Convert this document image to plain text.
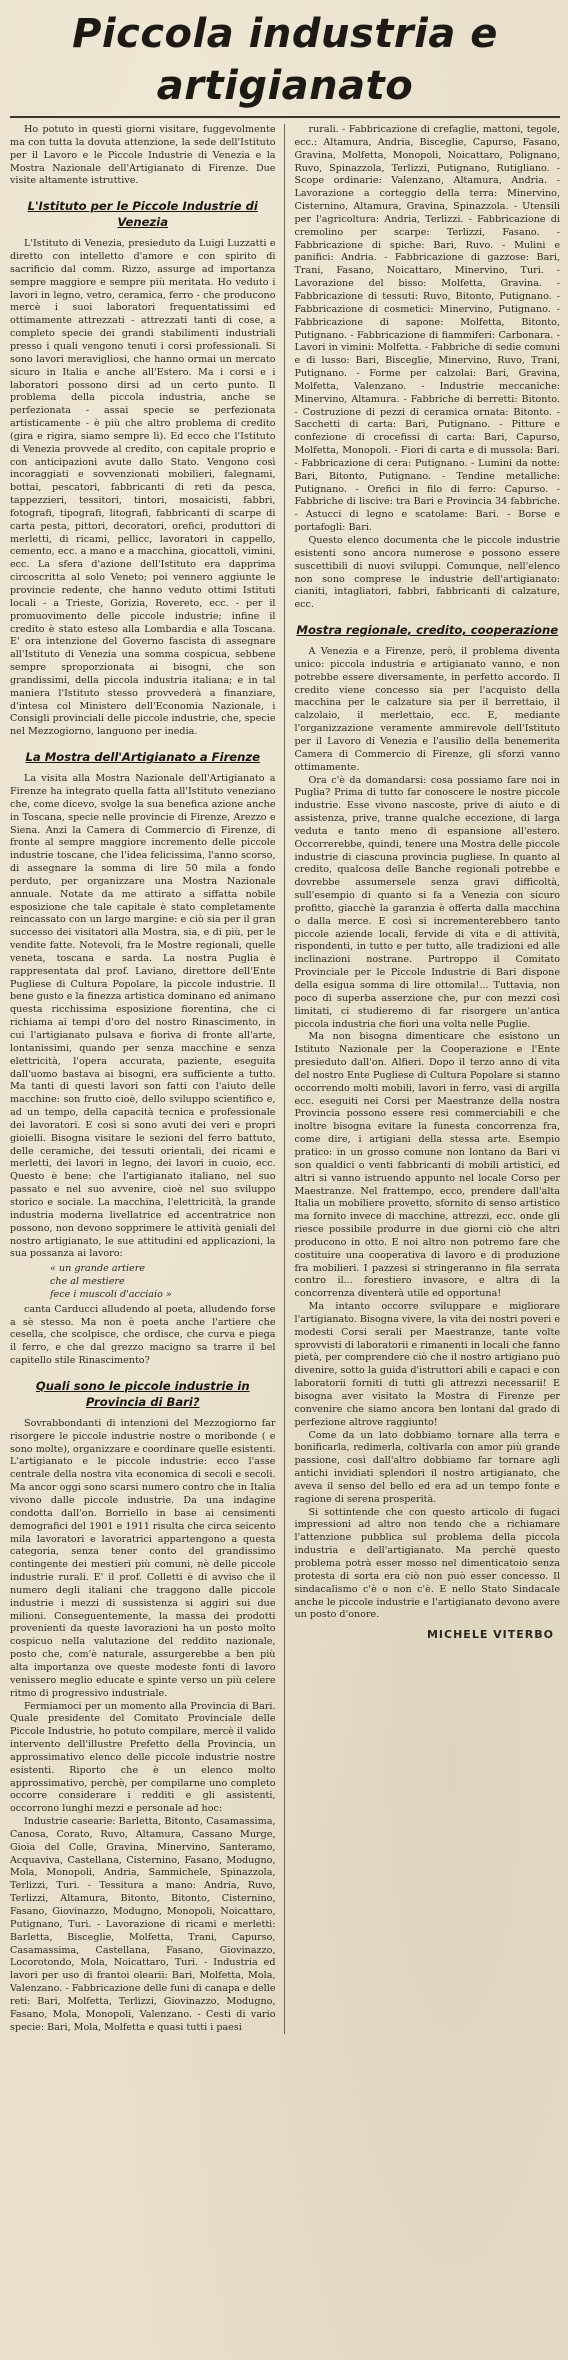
Piccola industria e artigianato

Ho potuto in questi giorni visitare, fuggevolmente ma con tutta la dovuta attenzione, la sede dell'Istituto per il Lavoro e le Piccole Industrie di Venezia e la Mostra Nazionale dell'Artigianato di Firenze. Due visite altamente istruttive.

L'Istituto per le Piccole Industrie di Venezia

L'Istituto di Venezia, presieduto da Luigi Luzzatti e diretto con intelletto d'amore e con spirito di sacrificio dal comm. Rizzo, assurge ad importanza sempre maggiore e sempre più meritata. Ho veduto i lavori in legno, vetro, ceramica, ferro - che producono mercè i suoi laboratori frequentatissimi ed ottimamente attrezzati - attrezzati tanti di cose, a completo specie dei grandi stabilimenti industriali presso i quali vengono tenuti i corsi professionali. Si sono lavori meravigliosi, che hanno ormai un mercato sicuro in Italia e anche all'Estero. Ma i corsi e i laboratori possono dirsi ad un certo punto. Il problema della piccola industria, anche se perfezionata - assai specie se perfezionata artisticamente - è più che altro problema di credito (gira e rigira, siamo sempre lì). Ed ecco che l'Istituto di Venezia provvede al credito, con capitale proprio e con anticipazioni avute dallo Stato. Vengono così incoraggiati e sovvenzionati mobilieri, falegnami, bottai, pescatori, fabbricanti di reti da pesca, tappezzieri, tessitori, tintori, mosaicisti, fabbri, fotografi, tipografi, litografi, fabbricanti di scarpe di carta pesta, pittori, decoratori, orefici, produttori di merletti, di ricami, pellicc, lavoratori in cappello, cemento, ecc. a mano e a macchina, giocattoli, vimini, ecc. La sfera d'azione dell'Istituto era dapprima circoscritta al solo Veneto; poi vennero aggiunte le provincie redente, che hanno veduto ottimi Istituti locali - a Trieste, Gorizia, Rovereto, ecc. - per il promuovimento delle piccole industrie; infine il credito è stato esteso alla Lombardia e alla Toscana. E' ora intenzione del Governo fascista di assegnare all'Istituto di Venezia una somma cospicua, sebbene sempre sproporzionata ai bisogni, che son grandissimi, della piccola industria italiana; e in tal maniera l'Istituto stesso provvederà a finanziare, d'intesa col Ministero dell'Economia Nazionale, i Consigli provinciali delle piccole industrie, che, specie nel Mezzogiorno, languono per inedia.

La Mostra dell'Artigianato a Firenze

La visita alla Mostra Nazionale dell'Artigianato a Firenze ha integrato quella fatta all'Istituto veneziano che, come dicevo, svolge la sua benefica azione anche in Toscana, specie nelle provincie di Firenze, Arezzo e Siena. Anzi la Camera di Commercio di Firenze, di fronte al sempre maggiore incremento delle piccole industrie toscane, che l'idea felicissima, l'anno scorso, di assegnare la somma di lire 50 mila a fondo perduto, per organizzare una Mostra Nazionale annuale. Notate da me attirato a siffatta nobile esposizione che tale capitale è stato completamente reincassato con un largo margine: e ciò sia per il gran successo dei visitatori alla Mostra, sia, e di più, per le vendite fatte. Notevoli, fra le Mostre regionali, quelle veneta, toscana e sarda. La nostra Puglia è rappresentata dal prof. Laviano, direttore dell'Ente Pugliese di Cultura Popolare, la piccole industrie. Il bene gusto e la finezza artistica dominano ed animano questa ricchissima esposizione fiorentina, che ci richiama ai tempi d'oro del nostro Rinascimento, in cui l'artigianato pulsava e fioriva di fronte all'arte, lontanissimi, quando per senza macchine e senza elettricità, l'opera accurata, paziente, eseguita dall'uomo bastava ai bisogni, era sufficiente a tutto. Ma tanti di questi lavori son fatti con l'aiuto delle macchine: son frutto cioè, dello sviluppo scientifico e, ad un tempo, della capacità tecnica e professionale dei lavoratori. E così si sono avuti dei veri e propri gioielli. Bisogna visitare le sezioni del ferro battuto, delle ceramiche, dei tessuti orientali, dei ricami e merletti, dei lavori in legno, dei lavori in cuoio, ecc. Questo è bene: che l'artigianato italiano, nel suo passato e nel suo avvenire, cioè nel suo sviluppo storico e sociale. La macchina, l'elettricità, la grande industria moderna livellatrice ed accentratrice non possono, non devono sopprimere le attività geniali del nostro artigianato, le sue attitudini ed applicazioni, la sua possanza ai lavoro:

« un grande artiere
che al mestiere
fece i muscoli d'acciaio »

canta Carducci alludendo al poeta, alludendo forse a sè stesso. Ma non è poeta anche l'artiere che cesella, che scolpisce, che ordisce, che curva e piega il ferro, e che dal grezzo macigno sa trarre il bel capitello stile Rinascimento?

Quali sono le piccole industrie in Provincia di Bari?

Sovrabbondanti di intenzioni del Mezzogiorno far risorgere le piccole industrie nostre o moribonde ( e sono molte), organizzare e coordinare quelle esistenti. L'artigianato e le piccole industrie: ecco l'asse centrale della nostra vita economica di secoli e secoli. Ma ancor oggi sono scarsi numero contro che in Italia vivono dalle piccole industrie. Da una indagine condotta dall'on. Borriello in base ai censimenti demografici del 1901 e 1911 risulta che circa seicento mila lavoratori e lavoratrici appartengono a questa categoria, senza tener conto del grandissimo contingente dei mestieri più comuni, nè delle piccole industrie rurali. E' il prof. Colletti è di avviso che il numero degli italiani che traggono dalle piccole industrie i mezzi di sussistenza si aggiri sui due milioni. Conseguentemente, la massa dei prodotti provenienti da queste lavorazioni ha un posto molto cospicuo nella valutazione del reddito nazionale, posto che, com'è naturale, assurgerebbe a ben più alta importanza ove queste modeste fonti di lavoro venissero meglio educate e spinte verso un più celere ritmo di progressivo industriale.

Fermiamoci per un momento alla Provincia di Bari. Quale presidente del Comitato Provinciale delle Piccole Industrie, ho potuto compilare, mercè il valido intervento dell'illustre Prefetto della Provincia, un approssimativo elenco delle piccole industrie nostre esistenti. Riporto che è un elenco molto approssimativo, perchè, per compilarne uno completo occorre considerare i redditi e gli assistenti, occorrono lunghi mezzi e personale ad hoc:

Industrie casearie: Barletta, Bitonto, Casamassima, Canosa, Corato, Ruvo, Altamura, Cassano Murge, Gioia del Colle, Gravina, Minervino, Santeramo, Acquaviva, Castellana, Cisternino, Fasano, Modugno, Mola, Monopoli, Andria, Sammichele, Spinazzola, Terlizzi, Turi. - Tessitura a mano: Andria, Ruvo, Terlizzi, Altamura, Bitonto, Bitonto, Cisternino, Fasano, Giovinazzo, Modugno, Monopoli, Noicattaro, Putignano, Turi. - Lavorazione di ricami e merletti: Barletta, Bisceglie, Molfetta, Trani, Capurso, Casamassima, Castellana, Fasano, Giovinazzo, Locorotondo, Mola, Noicattaro, Turi. - Industria ed lavori per uso di frantoi olearii: Bari, Molfetta, Mola, Valenzano. - Fabbricazione delle funi di canapa e delle reti: Bari, Molfetta, Terlizzi, Giovinazzo, Modugno, Fasano, Mola, Monopoli, Valenzano. - Cesti di vario specie: Bari, Mola, Molfetta e quasi tutti i paesi

rurali. - Fabbricazione di crefaglie, mattoni, tegole, ecc.: Altamura, Andria, Bisceglie, Capurso, Fasano, Gravina, Molfetta, Monopoli, Noicattaro, Polignano, Ruvo, Spinazzola, Terlizzi, Putignano, Rutigliano. - Scope ordinarie: Valenzano, Altamura, Andria. - Lavorazione a corteggio della terra: Minervino, Cisternino, Altamura, Gravina, Spinazzola. - Utensili per l'agricoltura: Andria, Terlizzi. - Fabbricazione di cremolino per scarpe: Terlizzi, Fasano. - Fabbricazione di spiche: Bari, Ruvo. - Mulini e panifici: Andria. - Fabbricazione di gazzose: Bari, Trani, Fasano, Noicattaro, Minervino, Turi. - Lavorazione del bisso: Molfetta, Gravina. - Fabbricazione di tessuti: Ruvo, Bitonto, Putignano. - Fabbricazione di cosmetici: Minervino, Putignano. - Fabbricazione di sapone: Molfetta, Bitonto, Putignano. - Fabbricazione di fiammiferi: Carbonara. - Lavori in vimini: Molfetta. - Fabbriche di sedie comuni e di lusso: Bari, Bisceglie, Minervino, Ruvo, Trani, Putignano. - Forme per calzolai: Bari, Gravina, Molfetta, Valenzano. - Industrie meccaniche: Minervino, Altamura. - Fabbriche di berretti: Bitonto. - Costruzione di pezzi di ceramica ornata: Bitonto. - Sacchetti di carta: Bari, Putignano. - Pitture e confezione di crocefissi di carta: Bari, Capurso, Molfetta, Monopoli. - Fiori di carta e di mussola: Bari. - Fabbricazione di cera: Putignano. - Lumini da notte: Bari, Bitonto, Putignano. - Tendine metalliche: Putignano. - Orefici in filo di ferro: Capurso. - Fabbriche di liscive: tra Bari e Provincia 34 fabbriche. - Astucci di legno e scatolame: Bari. - Borse e portafogli: Bari.

Questo elenco documenta che le piccole industrie esistenti sono ancora numerose e possono essere suscettibili di nuovi sviluppi. Comunque, nell'elenco non sono comprese le industrie dell'artigianato: cianiti, intagliatori, fabbri, fabbricanti di calzature, ecc.

Mostra regionale, credito, cooperazione

A Venezia e a Firenze, però, il problema diventa unico: piccola industria e artigianato vanno, e non potrebbe essere diversamente, in perfetto accordo. Il credito viene concesso sia per l'acquisto della macchina per le calzature sia per il berrettaio, il calzolaio, il merlettaio, ecc. E, mediante l'organizzazione veramente ammirevole dell'Istituto per il Lavoro di Venezia e l'ausilio della benemerita Camera di Commercio di Firenze, gli sforzi vanno ottimamente.

Ora c'è da domandarsi: cosa possiamo fare noi in Puglia? Prima di tutto far conoscere le nostre piccole industrie. Esse vivono nascoste, prive di aiuto e di assistenza, prive, tranne qualche eccezione, di larga veduta e tanto meno di espansione all'estero. Occorrerebbe, quindi, tenere una Mostra delle piccole industrie di ciascuna provincia pugliese. In quanto al credito, qualcosa delle Banche regionali potrebbe e dovrebbe assumersele senza gravi difficoltà, sull'esempio di quanto si fa a Venezia con sicuro profitto, giacchè la garanzia è offerta dalla macchina o dalla merce. E così si incrementerebbero tanto piccole aziende locali, fervide di vita e di attività, rispondenti, in tutto e per tutto, alle tradizioni ed alle inclinazioni nostrane. Purtroppo il Comitato Provinciale per le Piccole Industrie di Bari dispone della esigua somma di lire ottomila!... Tuttavia, non poco di superba asserzione che, pur con mezzi così limitati, ci studieremo di far risorgere un'antica piccola industria che fiorì una volta nelle Puglie.

Ma non bisogna dimenticare che esistono un Istituto Nazionale per la Cooperazione e l'Ente presieduto dall'on. Alfieri. Dopo il terzo anno di vita del nostro Ente Pugliese di Cultura Popolare si stanno occorrendo molti mobili, lavori in ferro, vasi di argilla ecc. eseguiti nei Corsi per Maestranze della nostra Provincia possono essere resi commerciabili e che inoltre bisogna evitare la funesta concorrenza fra, come dire, i artigiani della stessa arte. Esempio pratico: in un grosso comune non lontano da Bari vi son qualdici o venti fabbricanti di mobili artistici, ed altri si vanno istruendo appunto nel locale Corso per Maestranze. Nel frattempo, ecco, prendere dall'alta Italia un mobiliere provetto, sfornito di senso artistico ma fornito invece di macchine, attrezzi, ecc. onde gli riesce possibile produrre in due giorni ciò che altri producono in otto. E noi altro non potremo fare che costituire una cooperativa di lavoro e di produzione fra mobilieri. I pazzesi si stringeranno in fila serrata contro il... forestiero invasore, e altra di la concorrenza diventerà utile ed opportuna!

Ma intanto occorre sviluppare e migliorare l'artigianato. Bisogna vivere, la vita dei nostri poveri e modesti Corsi serali per Maestranze, tante volte sprovvisti di laboratorii e rimanenti in locali che fanno pietà, per comprendere ciò che il nostro artigiano può divenire, sotto la guida d'istruttori abili e capaci e con laboratorii forniti di tutti gli attrezzi necessarii! E bisogna aver visitato la Mostra di Firenze per convenire che siamo ancora ben lontani dal grado di perfezione altrove raggiunto!

Come da un lato dobbiamo tornare alla terra e bonificarla, redimerla, coltivarla con amor più grande passione, così dall'altro dobbiamo far tornare agli antichi invidiati splendori il nostro artigianato, che aveva il senso del bello ed era ad un tempo fonte e ragione di serena prosperità.

Si sottintende che con questo articolo di fugaci impressioni ad altro non tendo che a richiamare l'attenzione pubblica sul problema della piccola industria e dell'artigianato. Ma perchè questo problema potrà esser mosso nel dimenticatoio senza protesta di sorta era ciò non può esser concesso. Il sindacalismo c'è o non c'è. E nello Stato Sindacale anche le piccole industrie e l'artigianato devono avere un posto d'onore.

MICHELE VITERBO
